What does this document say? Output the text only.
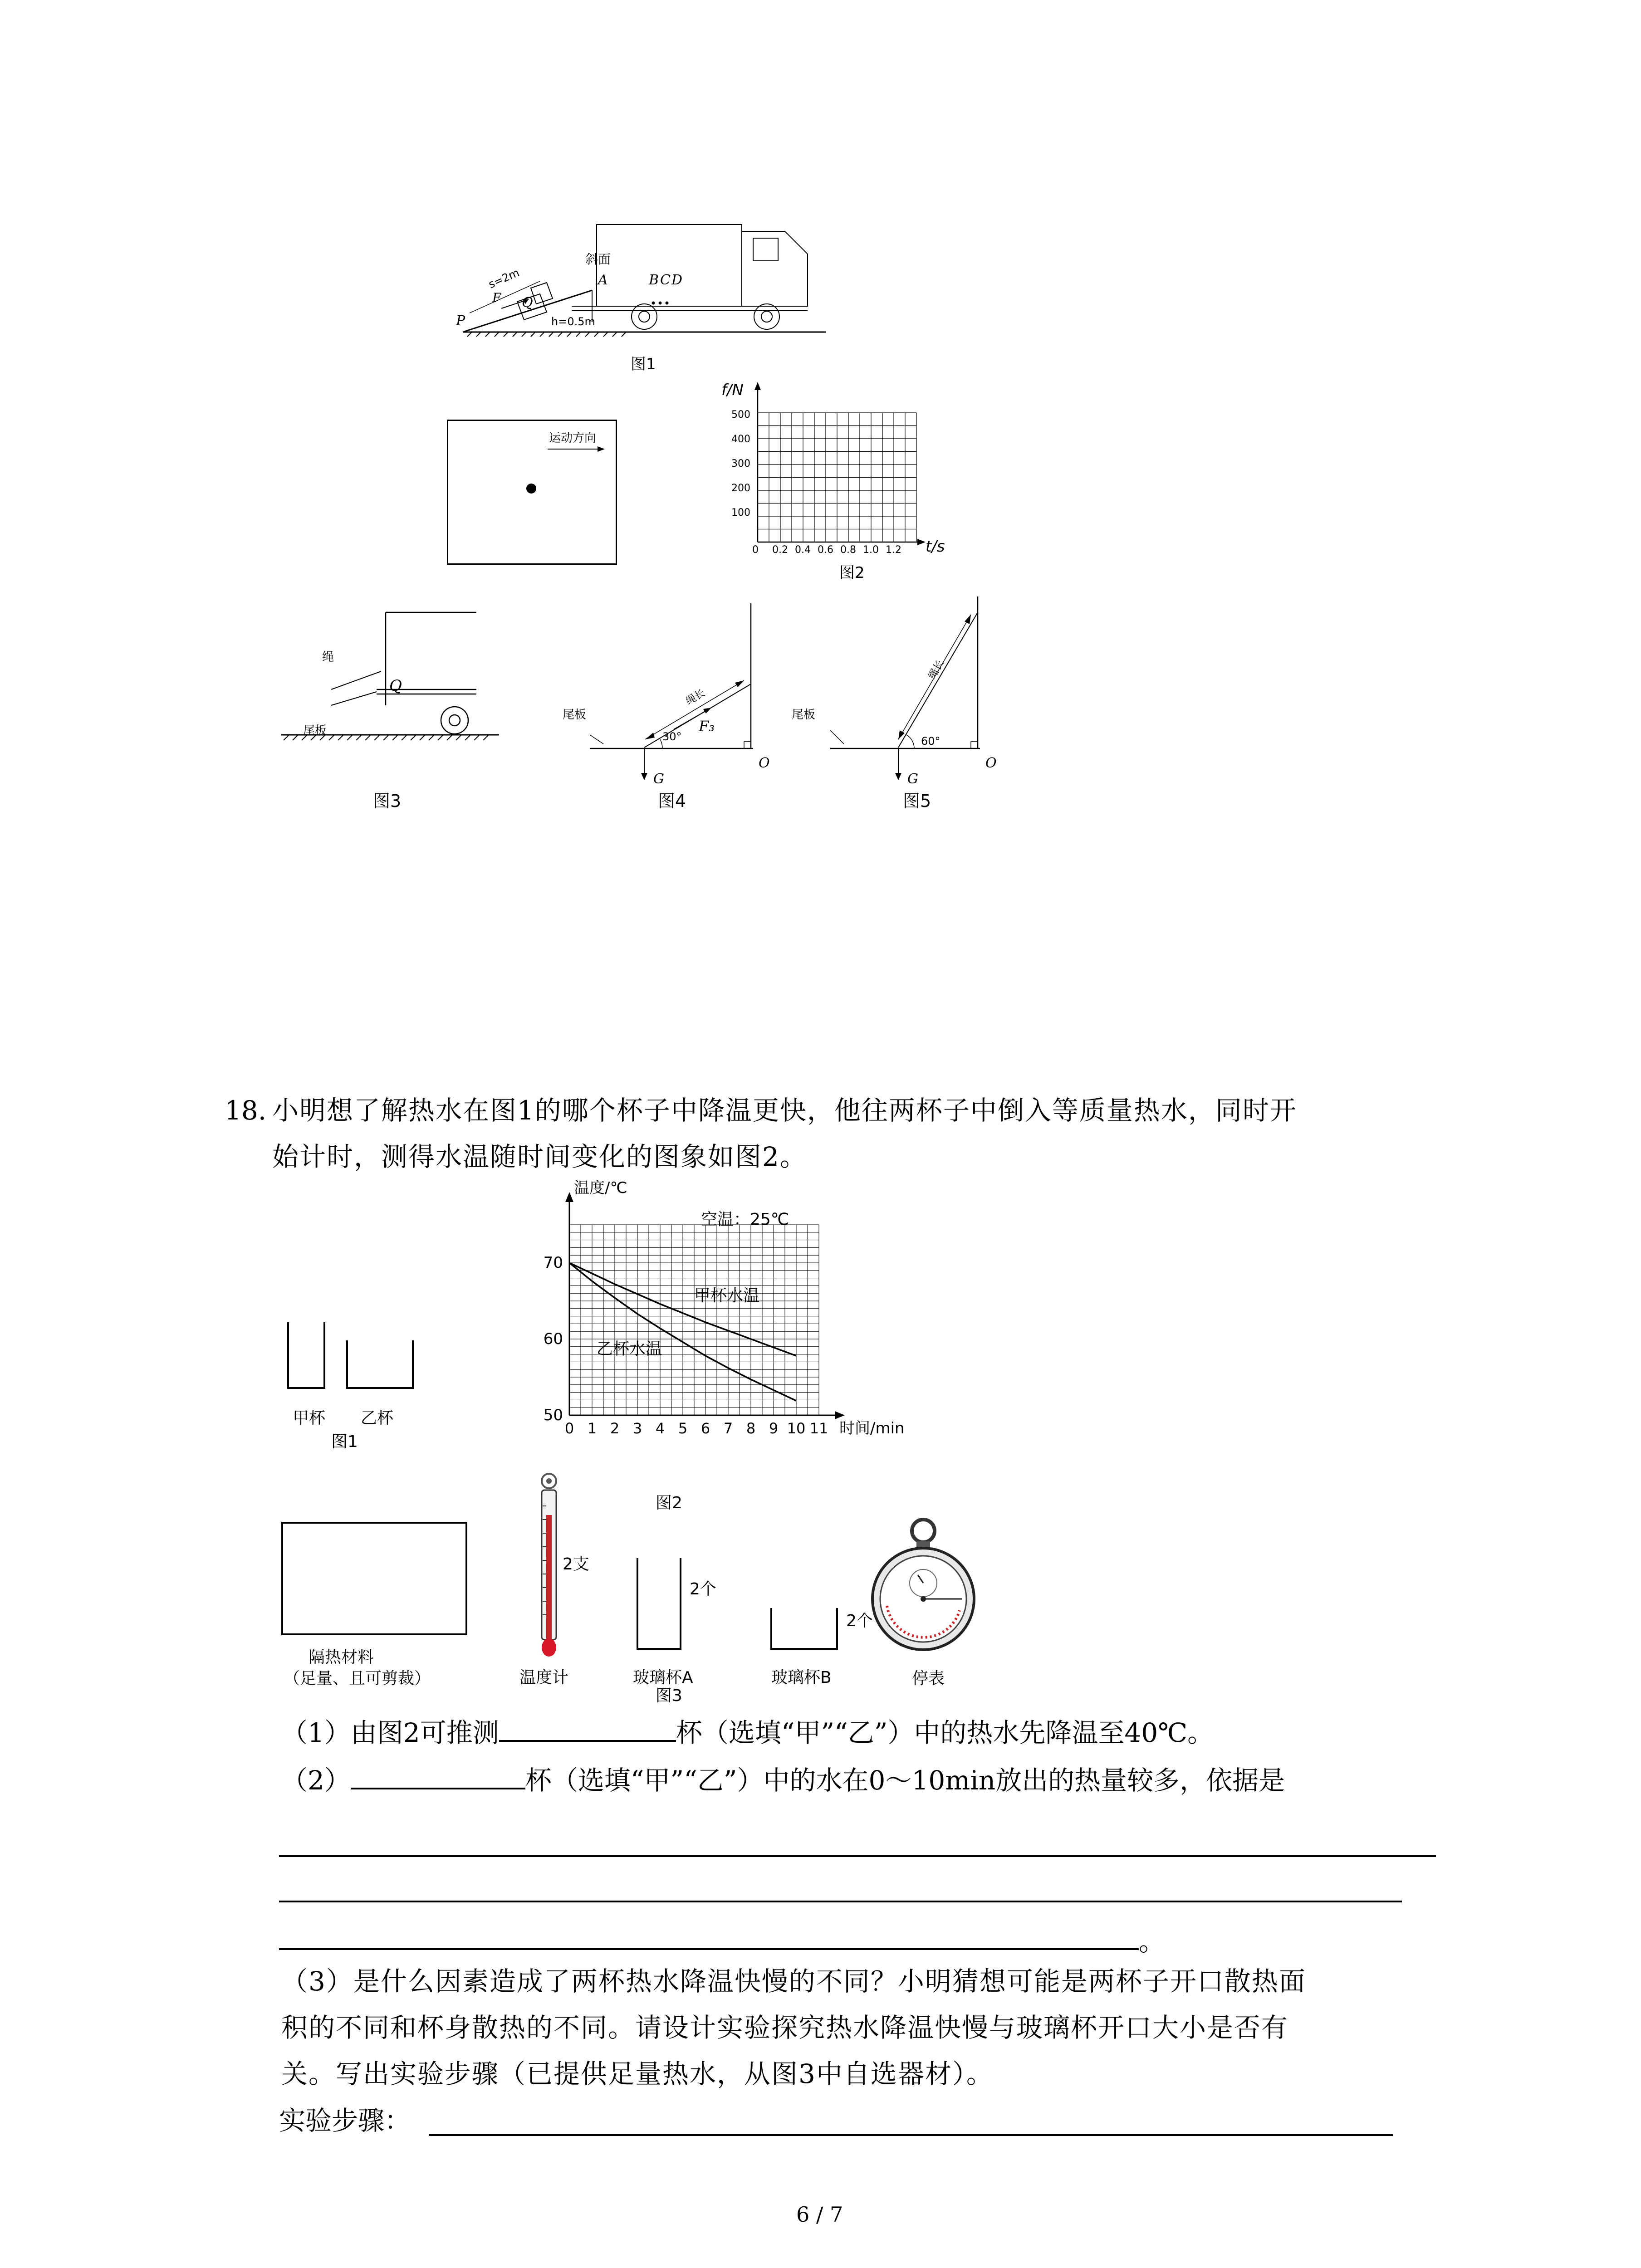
斜面
s=2m
h=0.5m
P
Q
A	B C D
F
图1
运动方向
f/N
t/s
100
200
300
400
500
0 0.2 0.4 0.6 0.8 1.0 1.2
图2
绳
尾板
Q
图3
尾板
绳长
30°
F₃
G
O
图4
尾板
绳长
60°
G
O
图5
18. 小明想了解热水在图1的哪个杯子中降温更快，他往两杯子中倒入等质量热水，同时开
始计时，测得水温随时间变化的图象如图2。
甲杯 乙杯
图1
0 1 2 3 4 5 6 7 8 9 10 11
50
60
70
温度/℃
时间/min
甲杯水温
乙杯水温
空温：25℃
图2
隔热材料
（足量、且可剪裁）
2支
温度计
2个
玻璃杯A
2个
玻璃杯B	停表
图3
（1）由图2可推测	杯（选填“甲”“乙”）中的热水先降温至40℃。
（2）	杯（选填“甲”“乙”）中的水在0～10min放出的热量较多，依据是
。
（3）是什么因素造成了两杯热水降温快慢的不同？小明猜想可能是两杯子开口散热面
积的不同和杯身散热的不同。请设计实验探究热水降温快慢与玻璃杯开口大小是否有
关。写出实验步骤（已提供足量热水，从图3中自选器材）。
实验步骤：
6 / 7
